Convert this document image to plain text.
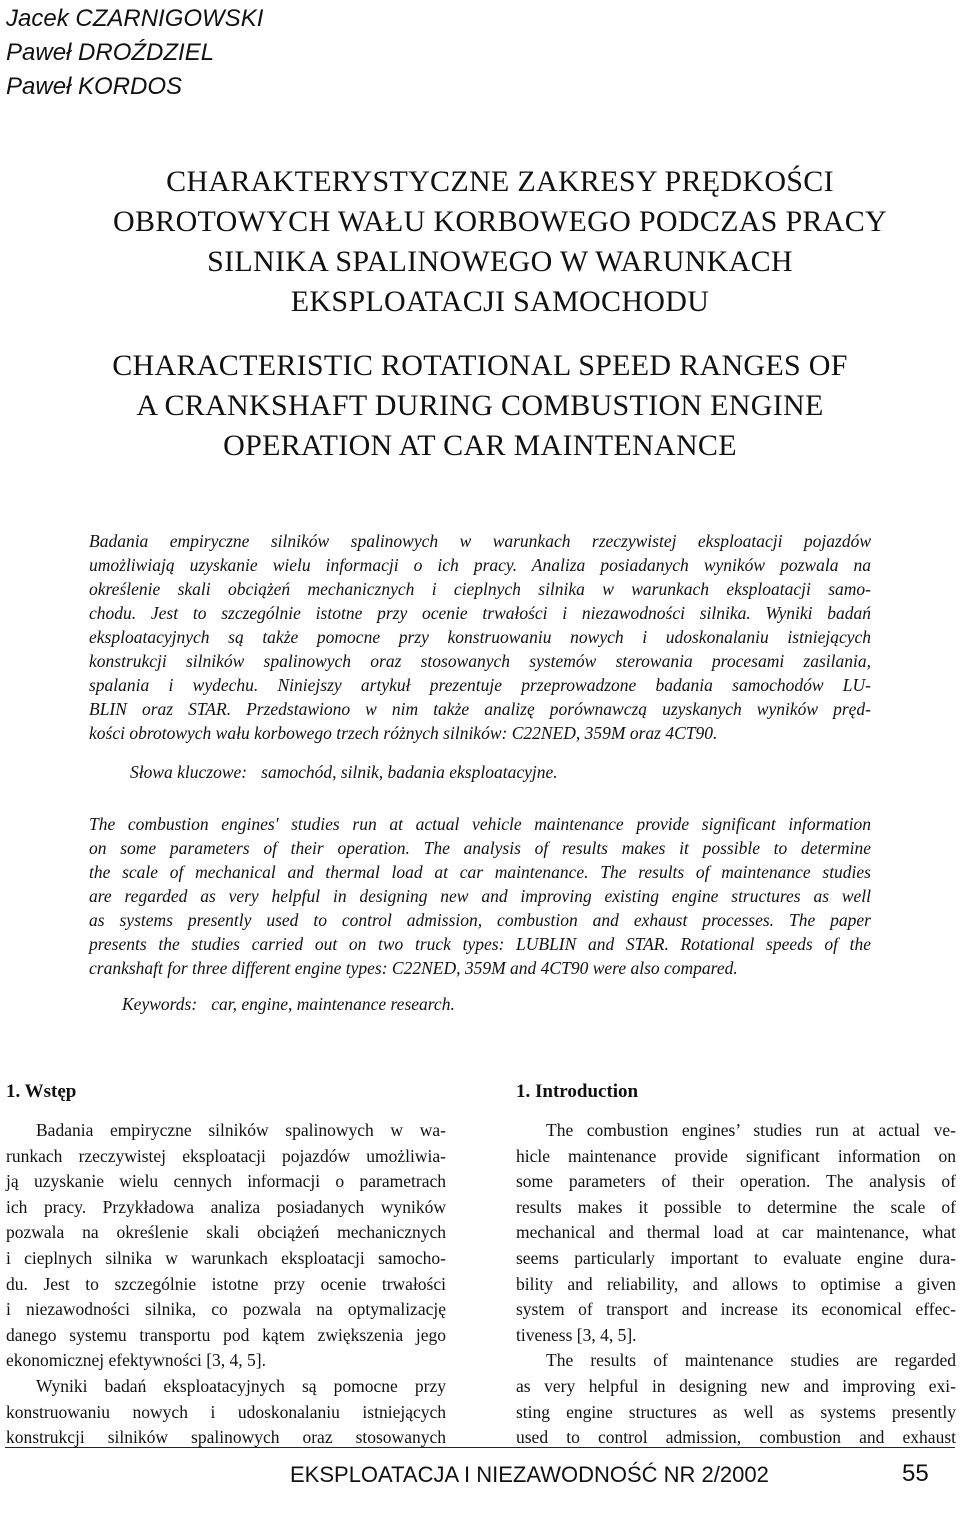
Jacek CZARNIGOWSKI
Paweł DROŹDZIEL
Paweł KORDOS
CHARAKTERYSTYCZNE ZAKRESY PRĘDKOŚCI
OBROTOWYCH WAŁU KORBOWEGO PODCZAS PRACY
SILNIKA SPALINOWEGO W WARUNKACH
EKSPLOATACJI SAMOCHODU
CHARACTERISTIC ROTATIONAL SPEED RANGES OF
A CRANKSHAFT DURING COMBUSTION ENGINE
OPERATION AT CAR MAINTENANCE
Badania empiryczne silników spalinowych w warunkach rzeczywistej eksploatacji pojazdów
umożliwiają uzyskanie wielu informacji o ich pracy. Analiza posiadanych wyników pozwala na
określenie skali obciążeń mechanicznych i cieplnych silnika w warunkach eksploatacji samo-
chodu. Jest to szczególnie istotne przy ocenie trwałości i niezawodności silnika. Wyniki badań
eksploatacyjnych są także pomocne przy konstruowaniu nowych i udoskonalaniu istniejących
konstrukcji silników spalinowych oraz stosowanych systemów sterowania procesami zasilania,
spalania i wydechu. Niniejszy artykuł prezentuje przeprowadzone badania samochodów LU-
BLIN oraz STAR. Przedstawiono w nim także analizę porównawczą uzyskanych wyników pręd-
kości obrotowych wału korbowego trzech różnych silników: C22NED, 359M oraz 4CT90.
Słowa kluczowe: samochód, silnik, badania eksploatacyjne.
The combustion engines' studies run at actual vehicle maintenance provide significant information
on some parameters of their operation. The analysis of results makes it possible to determine
the scale of mechanical and thermal load at car maintenance. The results of maintenance studies
are regarded as very helpful in designing new and improving existing engine structures as well
as systems presently used to control admission, combustion and exhaust processes. The paper
presents the studies carried out on two truck types: LUBLIN and STAR. Rotational speeds of the
crankshaft for three different engine types: C22NED, 359M and 4CT90 were also compared.
Keywords: car, engine, maintenance research.
1. Wstęp
Badania empiryczne silników spalinowych w wa-
runkach rzeczywistej eksploatacji pojazdów umożliwia-
ją uzyskanie wielu cennych informacji o parametrach
ich pracy. Przykładowa analiza posiadanych wyników
pozwala na określenie skali obciążeń mechanicznych
i cieplnych silnika w warunkach eksploatacji samocho-
du. Jest to szczególnie istotne przy ocenie trwałości
i niezawodności silnika, co pozwala na optymalizację
danego systemu transportu pod kątem zwiększenia jego
ekonomicznej efektywności [3, 4, 5].
Wyniki badań eksploatacyjnych są pomocne przy
konstruowaniu nowych i udoskonalaniu istniejących
konstrukcji silników spalinowych oraz stosowanych
1. Introduction
The combustion engines’ studies run at actual ve-
hicle maintenance provide significant information on
some parameters of their operation. The analysis of
results makes it possible to determine the scale of
mechanical and thermal load at car maintenance, what
seems particularly important to evaluate engine dura-
bility and reliability, and allows to optimise a given
system of transport and increase its economical effec-
tiveness [3, 4, 5].
The results of maintenance studies are regarded
as very helpful in designing new and improving exi-
sting engine structures as well as systems presently
used to control admission, combustion and exhaust
EKSPLOATACJA I NIEZAWODNOŚĆ NR 2/2002	55
